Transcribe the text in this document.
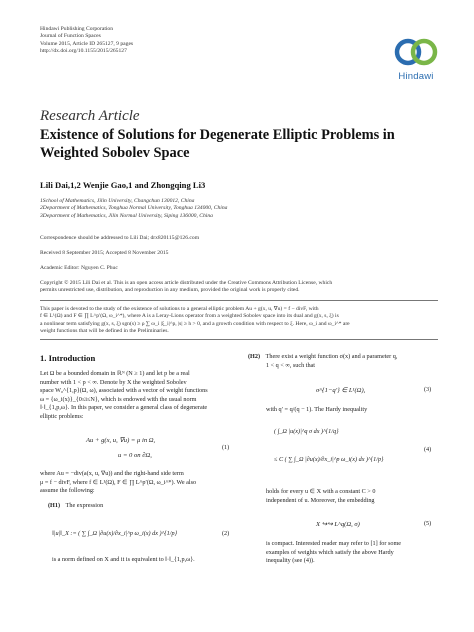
Hindawi Publishing Corporation
Journal of Function Spaces
Volume 2015, Article ID 265127, 9 pages
http://dx.doi.org/10.1155/2015/265127
Hindawi
Research Article
Existence of Solutions for Degenerate Elliptic Problems in
Weighted Sobolev Space
Lili Dai,1,2 Wenjie Gao,1 and Zhongqing Li3
1School of Mathematics, Jilin University, Changchun 130012, China
2Department of Mathematics, Tonghua Normal University, Tonghua 134000, China
3Department of Mathematics, Jilin Normal University, Siping 136000, China
Correspondence should be addressed to Lili Dai; drx820115@126.com
Received 8 September 2015; Accepted 8 November 2015
Academic Editor: Nguyen C. Phuc
Copyright © 2015 Lili Dai et al. This is an open access article distributed under the Creative Commons Attribution License, which
permits unrestricted use, distribution, and reproduction in any medium, provided the original work is properly cited.
This paper is devoted to the study of the existence of solutions to a general elliptic problem Au + g(x, u, ∇u) = f − divF, with
f ∈ L¹(Ω) and F ∈ ∏ L^p′(Ω, ω_i^*), where A is a Leray-Lions operator from a weighted Sobolev space into its dual and g(x, s, ξ) is
a nonlinear term satisfying g(x, s, ξ) sgn(s) ≥ ρ ∑ ω_i |ξ_i|^p, |s| ≥ h > 0, and a growth condition with respect to ξ. Here, ω_i and ω_i^* are
weight functions that will be defined in the Preliminaries.
1. Introduction
Let Ω be a bounded domain in ℝᴺ (N ≥ 1) and let p be a real
number with 1 < p < ∞. Denote by X the weighted Sobolev
space W₀^{1,p}(Ω, ω), associated with a vector of weight functions
ω = {ω_i(x)}_{0≤i≤N}, which is endowed with the usual norm
‖·‖_{1,p,ω}. In this paper, we consider a general class of degenerate
elliptic problems:
Au + g(x, u, ∇u) = μ in Ω,
u = 0 on ∂Ω,
(1)
where Au = −div(a(x, u, ∇u)) and the right-hand side term
μ = f − divF, where f ∈ L¹(Ω), F ∈ ∏ L^p′(Ω, ω_i^*). We also
assume the following:
(H1) The expression
‖|u|‖_X := ( ∑ ∫_Ω |∂u(x)/∂x_i|^p ω_i(x) dx )^{1/p}	(2)
is a norm defined on X and it is equivalent to ‖·‖_{1,p,ω}.
(H2) There exist a weight function σ(x) and a parameter q,
1 < q < ∞, such that
σ^{1−q′} ∈ L¹(Ω),	(3)
with q′ = q/(q − 1). The Hardy inequality
( ∫_Ω |u(x)|^q σ dx )^{1/q}
≤ C ( ∑ ∫_Ω |∂u(x)/∂x_i|^p ω_i(x) dx )^{1/p}
(4)
holds for every u ∈ X with a constant C > 0
independent of u. Moreover, the embedding
X ↪↪ L^q(Ω, σ)	(5)
is compact. Interested reader may refer to [1] for some
examples of weights which satisfy the above Hardy
inequality (see (4)).
